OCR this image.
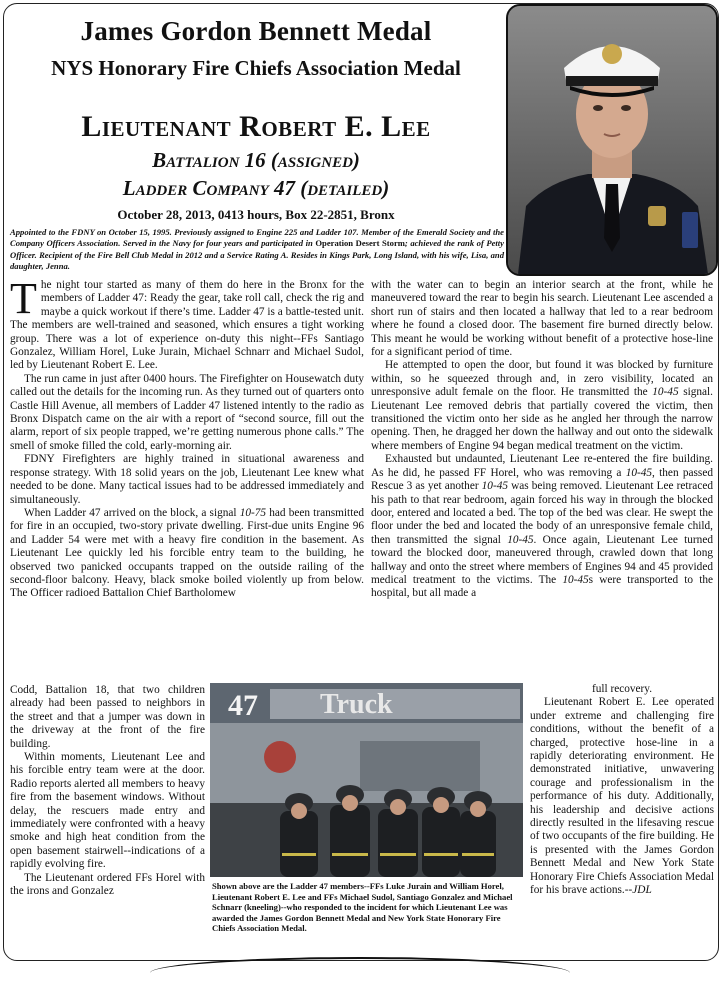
James Gordon Bennett Medal
NYS Honorary Fire Chiefs Association Medal
Lieutenant Robert E. Lee
Battalion 16 (assigned)
Ladder Company 47 (detailed)
October 28, 2013, 0413 hours, Box 22-2851, Bronx
Appointed to the FDNY on October 15, 1995. Previously assigned to Engine 225 and Ladder 107. Member of the Emerald Society and the Company Officers Association. Served in the Navy for four years and participated in Operation Desert Storm; achieved the rank of Petty Officer. Recipient of the Fire Bell Club Medal in 2012 and a Service Rating A. Resides in Kings Park, Long Island, with his wife, Lisa, and daughter, Jenna.

The night tour started as many of them do here in the Bronx for the members of Ladder 47: Ready the gear, take roll call, check the rig and maybe a quick workout if there’s time. Ladder 47 is a battle-tested unit. The members are well-trained and seasoned, which ensures a tight working group. There was a lot of experience on-duty this night--FFs Santiago Gonzalez, William Horel, Luke Jurain, Michael Schnarr and Michael Sudol, led by Lieutenant Robert E. Lee.

The run came in just after 0400 hours. The Firefighter on Housewatch duty called out the details for the incoming run. As they turned out of quarters onto Castle Hill Avenue, all members of Ladder 47 listened intently to the radio as Bronx Dispatch came on the air with a report of “second source, fill out the alarm, report of six people trapped, we’re getting numerous phone calls.” The smell of smoke filled the cold, early-morning air.

FDNY Firefighters are highly trained in situational awareness and response strategy. With 18 solid years on the job, Lieutenant Lee knew what needed to be done. Many tactical issues had to be addressed immediately and simultaneously.

When Ladder 47 arrived on the block, a signal 10-75 had been transmitted for fire in an occupied, two-story private dwelling. First-due units Engine 96 and Ladder 54 were met with a heavy fire condition in the basement. As Lieutenant Lee quickly led his forcible entry team to the building, he observed two panicked occupants trapped on the outside railing of the second-floor balcony. Heavy, black smoke boiled violently up from below. The Officer radioed Battalion Chief Bartholomew

Codd, Battalion 18, that two children already had been passed to neighbors in the street and that a jumper was down in the driveway at the front of the fire building.

Within moments, Lieutenant Lee and his forcible entry team were at the door. Radio reports alerted all members to heavy fire from the basement windows. Without delay, the rescuers made entry and immediately were confronted with a heavy smoke and high heat condition from the open basement stairwell--indications of a rapidly evolving fire.

The Lieutenant ordered FFs Horel with the irons and Gonzalez

with the water can to begin an interior search at the front, while he maneuvered toward the rear to begin his search. Lieutenant Lee ascended a short run of stairs and then located a hallway that led to a rear bedroom where he found a closed door. The basement fire burned directly below. This meant he would be working without benefit of a protective hose-line for a significant period of time.

He attempted to open the door, but found it was blocked by furniture within, so he squeezed through and, in zero visibility, located an unresponsive adult female on the floor. He transmitted the 10-45 signal. Lieutenant Lee removed debris that partially covered the victim, then transitioned the victim onto her side as he angled her through the narrow opening. Then, he dragged her down the hallway and out onto the sidewalk where members of Engine 94 began medical treatment on the victim.

Exhausted but undaunted, Lieutenant Lee re-entered the fire building. As he did, he passed FF Horel, who was removing a 10-45, then passed Rescue 3 as yet another 10-45 was being removed. Lieutenant Lee retraced his path to that rear bedroom, again forced his way in through the blocked door, entered and located a bed. The top of the bed was clear. He swept the floor under the bed and located the body of an unresponsive female child, then transmitted the signal 10-45. Once again, Lieutenant Lee turned toward the blocked door, maneuvered through, crawled down that long hallway and onto the street where members of Engines 94 and 45 provided medical treatment to the victims. The 10-45s were transported to the hospital, but all made a

full recovery.

Lieutenant Robert E. Lee operated under extreme and challenging fire conditions, without the benefit of a charged, protective hose-line in a rapidly deteriorating environment. He demonstrated initiative, unwavering courage and professionalism in the performance of his duty. Additionally, his leadership and decisive actions directly resulted in the lifesaving rescue of two occupants of the fire building. He is presented with the James Gordon Bennett Medal and New York State Honorary Fire Chiefs Association Medal for his brave actions.--JDL

47 Truck
Shown above are the Ladder 47 members--FFs Luke Jurain and William Horel, Lieutenant Robert E. Lee and FFs Michael Sudol, Santiago Gonzalez and Michael Schnarr (kneeling)--who responded to the incident for which Lieutenant Lee was awarded the James Gordon Bennett Medal and New York State Honorary Fire Chiefs Association Medal.
